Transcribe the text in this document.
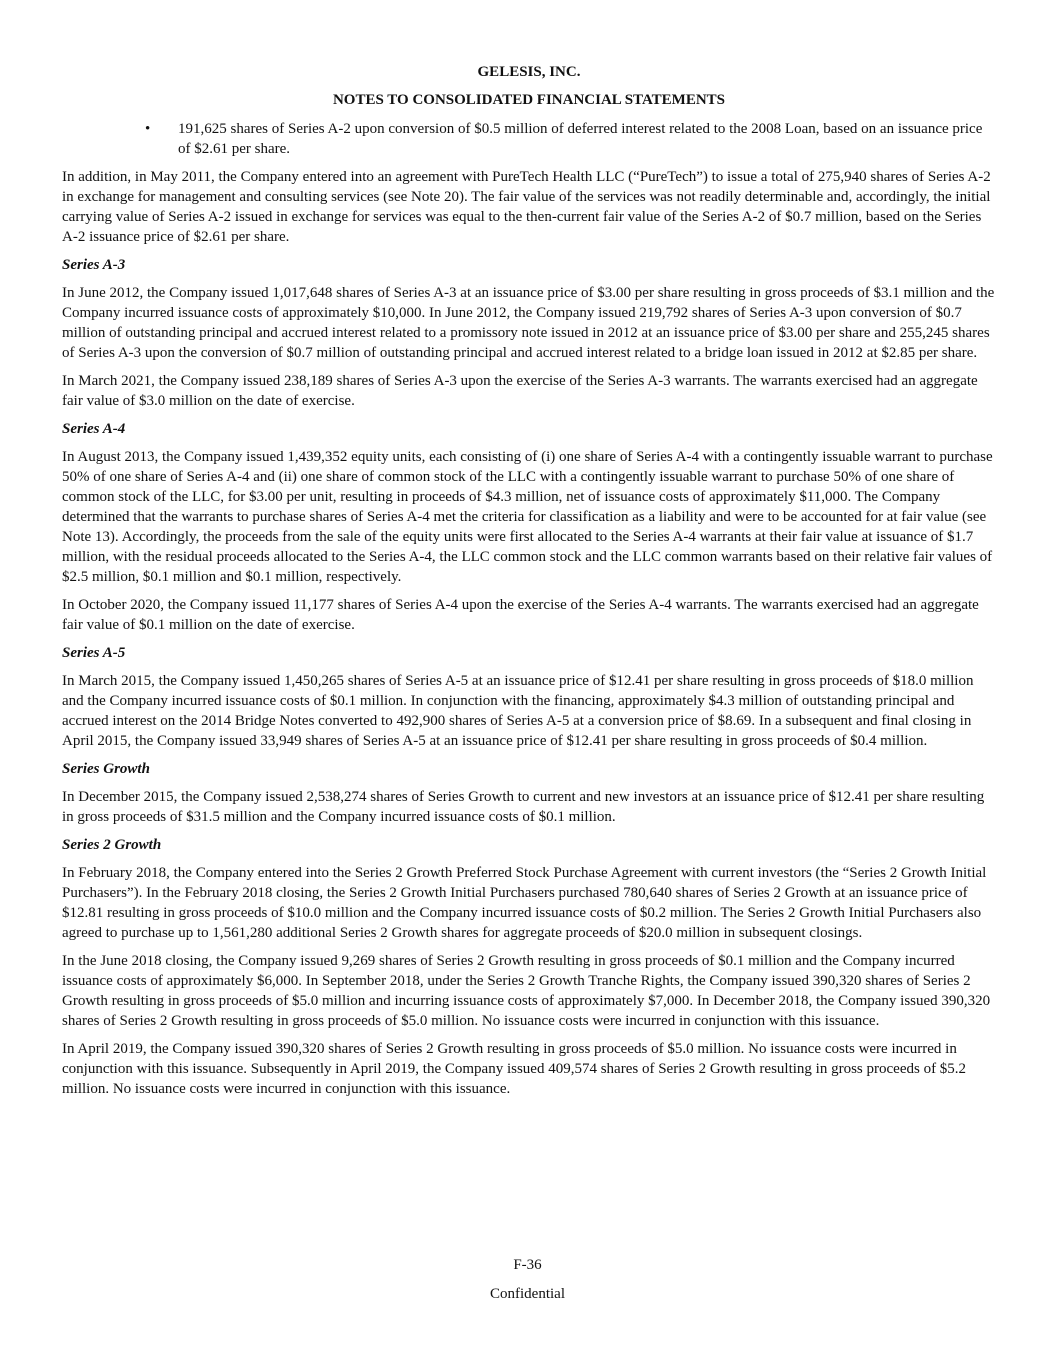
GELESIS, INC.

NOTES TO CONSOLIDATED FINANCIAL STATEMENTS

• 191,625 shares of Series A-2 upon conversion of $0.5 million of deferred interest related to the 2008 Loan, based on an issuance price of $2.61 per share.

In addition, in May 2011, the Company entered into an agreement with PureTech Health LLC (“PureTech”) to issue a total of 275,940 shares of Series A-2 in exchange for management and consulting services (see Note 20). The fair value of the services was not readily determinable and, accordingly, the initial carrying value of Series A-2 issued in exchange for services was equal to the then-current fair value of the Series A-2 of $0.7 million, based on the Series A-2 issuance price of $2.61 per share.

Series A-3

In June 2012, the Company issued 1,017,648 shares of Series A-3 at an issuance price of $3.00 per share resulting in gross proceeds of $3.1 million and the Company incurred issuance costs of approximately $10,000. In June 2012, the Company issued 219,792 shares of Series A-3 upon conversion of $0.7 million of outstanding principal and accrued interest related to a promissory note issued in 2012 at an issuance price of $3.00 per share and 255,245 shares of Series A-3 upon the conversion of $0.7 million of outstanding principal and accrued interest related to a bridge loan issued in 2012 at $2.85 per share.

In March 2021, the Company issued 238,189 shares of Series A-3 upon the exercise of the Series A-3 warrants. The warrants exercised had an aggregate fair value of $3.0 million on the date of exercise.

Series A-4

In August 2013, the Company issued 1,439,352 equity units, each consisting of (i) one share of Series A-4 with a contingently issuable warrant to purchase 50% of one share of Series A-4 and (ii) one share of common stock of the LLC with a contingently issuable warrant to purchase 50% of one share of common stock of the LLC, for $3.00 per unit, resulting in proceeds of $4.3 million, net of issuance costs of approximately $11,000. The Company determined that the warrants to purchase shares of Series A-4 met the criteria for classification as a liability and were to be accounted for at fair value (see Note 13). Accordingly, the proceeds from the sale of the equity units were first allocated to the Series A-4 warrants at their fair value at issuance of $1.7 million, with the residual proceeds allocated to the Series A-4, the LLC common stock and the LLC common warrants based on their relative fair values of $2.5 million, $0.1 million and $0.1 million, respectively.

In October 2020, the Company issued 11,177 shares of Series A-4 upon the exercise of the Series A-4 warrants. The warrants exercised had an aggregate fair value of $0.1 million on the date of exercise.

Series A-5

In March 2015, the Company issued 1,450,265 shares of Series A-5 at an issuance price of $12.41 per share resulting in gross proceeds of $18.0 million and the Company incurred issuance costs of $0.1 million. In conjunction with the financing, approximately $4.3 million of outstanding principal and accrued interest on the 2014 Bridge Notes converted to 492,900 shares of Series A-5 at a conversion price of $8.69. In a subsequent and final closing in April 2015, the Company issued 33,949 shares of Series A-5 at an issuance price of $12.41 per share resulting in gross proceeds of $0.4 million.

Series Growth

In December 2015, the Company issued 2,538,274 shares of Series Growth to current and new investors at an issuance price of $12.41 per share resulting in gross proceeds of $31.5 million and the Company incurred issuance costs of $0.1 million.

Series 2 Growth

In February 2018, the Company entered into the Series 2 Growth Preferred Stock Purchase Agreement with current investors (the “Series 2 Growth Initial Purchasers”). In the February 2018 closing, the Series 2 Growth Initial Purchasers purchased 780,640 shares of Series 2 Growth at an issuance price of $12.81 resulting in gross proceeds of $10.0 million and the Company incurred issuance costs of $0.2 million. The Series 2 Growth Initial Purchasers also agreed to purchase up to 1,561,280 additional Series 2 Growth shares for aggregate proceeds of $20.0 million in subsequent closings.

In the June 2018 closing, the Company issued 9,269 shares of Series 2 Growth resulting in gross proceeds of $0.1 million and the Company incurred issuance costs of approximately $6,000. In September 2018, under the Series 2 Growth Tranche Rights, the Company issued 390,320 shares of Series 2 Growth resulting in gross proceeds of $5.0 million and incurring issuance costs of approximately $7,000. In December 2018, the Company issued 390,320 shares of Series 2 Growth resulting in gross proceeds of $5.0 million. No issuance costs were incurred in conjunction with this issuance.

In April 2019, the Company issued 390,320 shares of Series 2 Growth resulting in gross proceeds of $5.0 million. No issuance costs were incurred in conjunction with this issuance. Subsequently in April 2019, the Company issued 409,574 shares of Series 2 Growth resulting in gross proceeds of $5.2 million. No issuance costs were incurred in conjunction with this issuance.

F-36
Confidential
